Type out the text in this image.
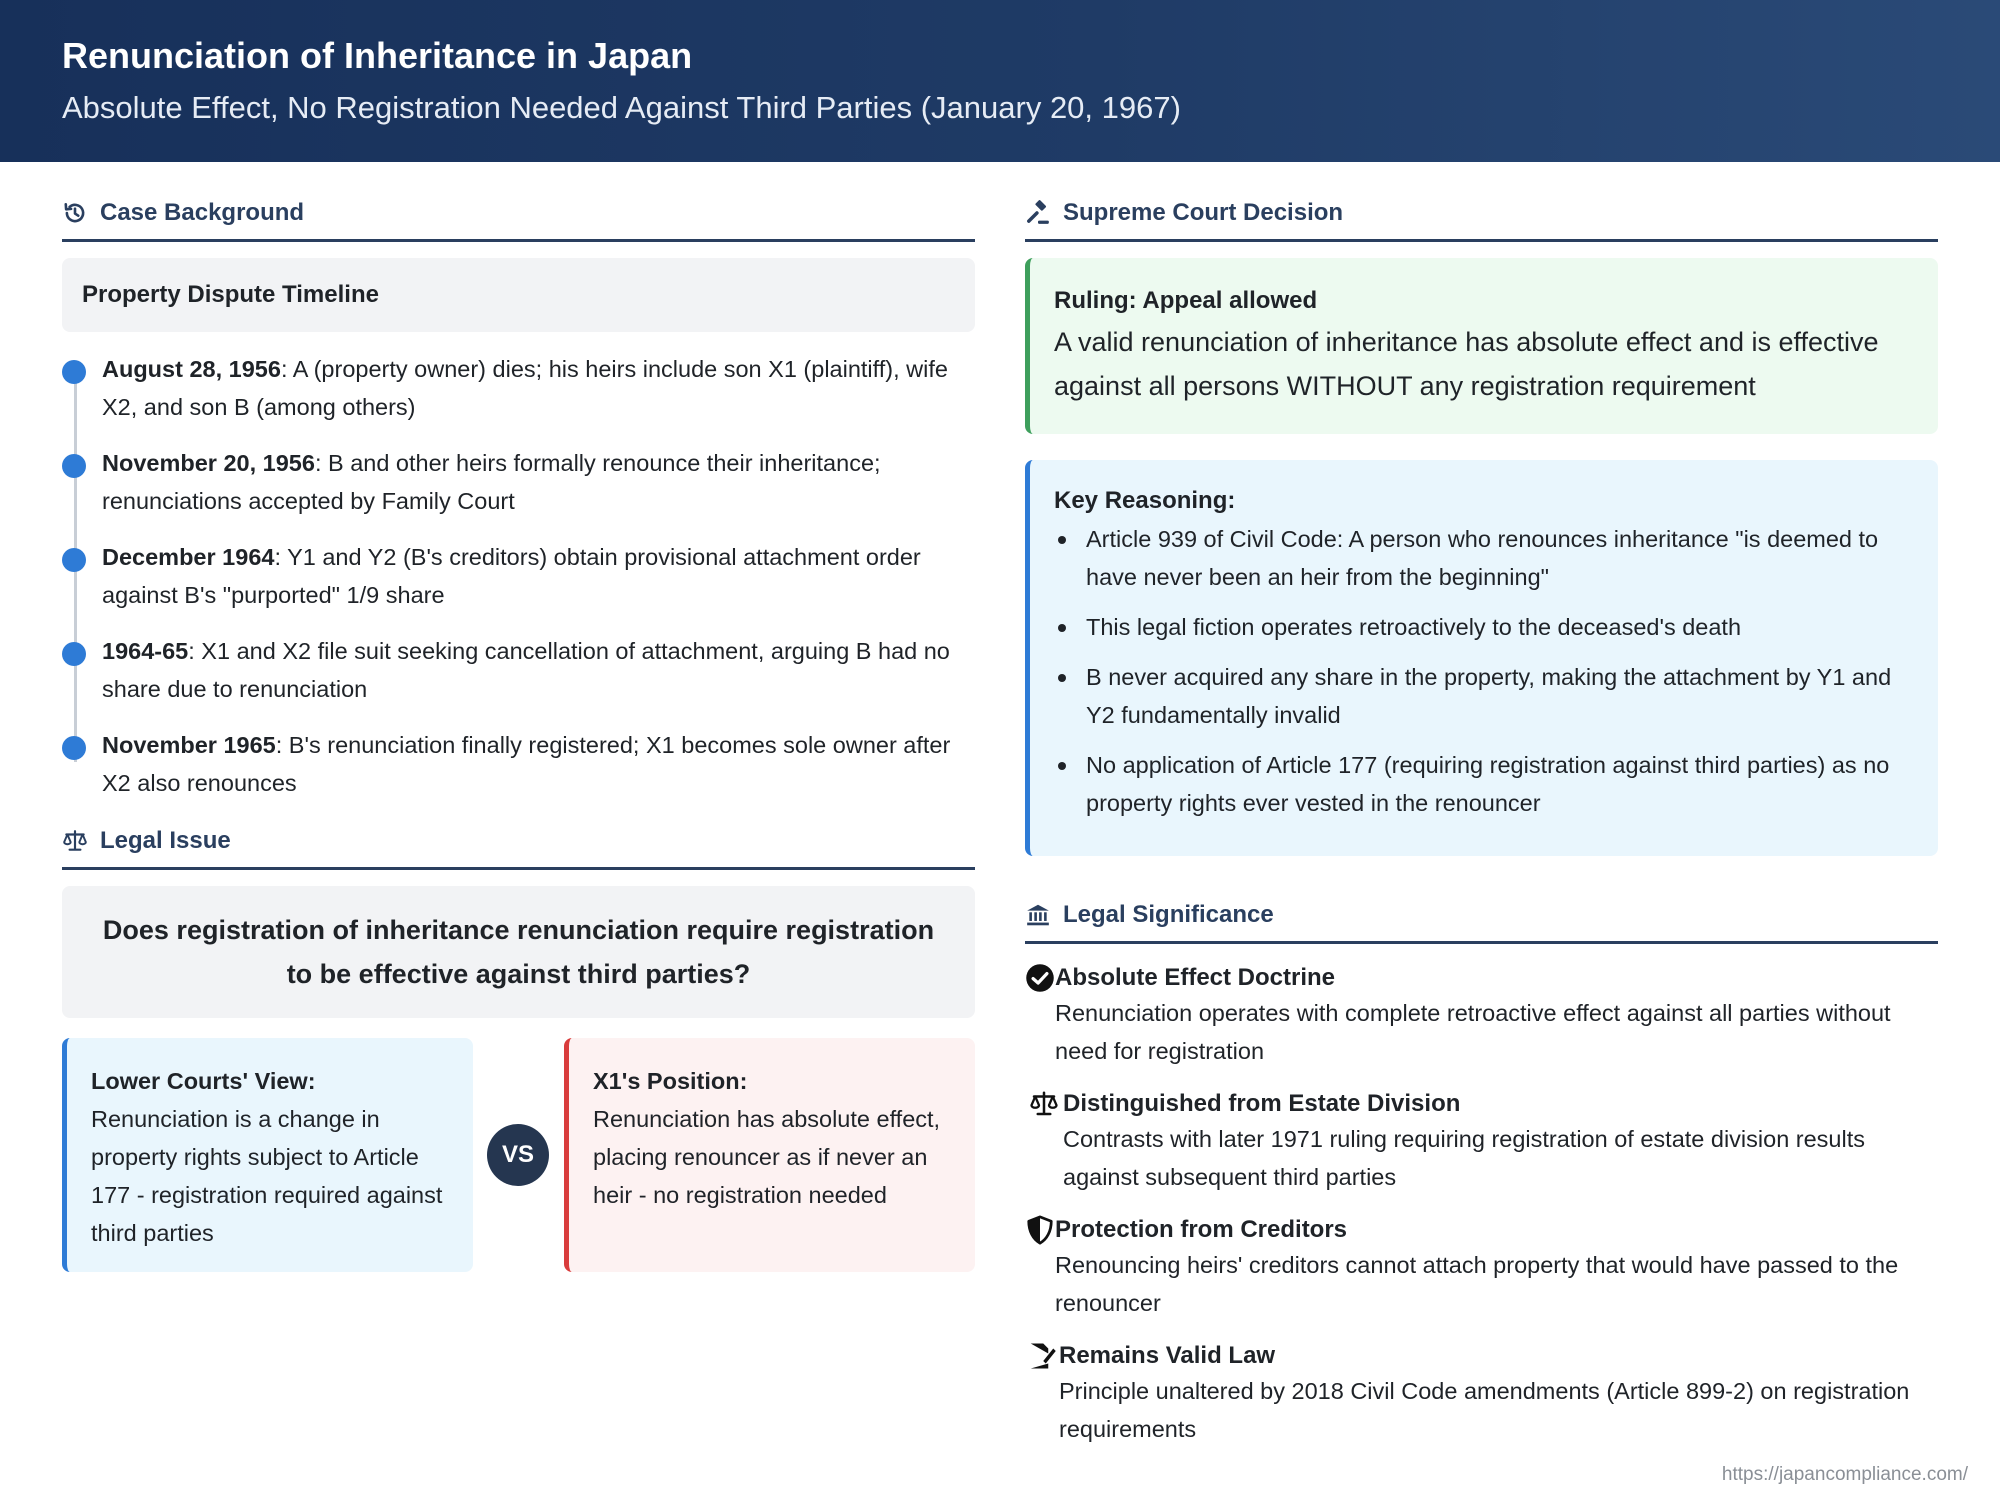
Renunciation of Inheritance in Japan
Absolute Effect, No Registration Needed Against Third Parties (January 20, 1967)
Case Background
Property Dispute Timeline
August 28, 1956: A (property owner) dies; his heirs include son X1 (plaintiff), wife X2, and son B (among others)
November 20, 1956: B and other heirs formally renounce their inheritance; renunciations accepted by Family Court
December 1964: Y1 and Y2 (B's creditors) obtain provisional attachment order against B's "purported" 1/9 share
1964-65: X1 and X2 file suit seeking cancellation of attachment, arguing B had no share due to renunciation
November 1965: B's renunciation finally registered; X1 becomes sole owner after X2 also renounces
Legal Issue
Does registration of inheritance renunciation require registration to be effective against third parties?
Lower Courts' View:
Renunciation is a change in property rights subject to Article 177 - registration required against third parties
VS
X1's Position:
Renunciation has absolute effect, placing renouncer as if never an heir - no registration needed
Supreme Court Decision
Ruling: Appeal allowed
A valid renunciation of inheritance has absolute effect and is effective against all persons WITHOUT any registration requirement
Key Reasoning:
Article 939 of Civil Code: A person who renounces inheritance "is deemed to have never been an heir from the beginning"
This legal fiction operates retroactively to the deceased's death
B never acquired any share in the property, making the attachment by Y1 and Y2 fundamentally invalid
No application of Article 177 (requiring registration against third parties) as no property rights ever vested in the renouncer
Legal Significance
Absolute Effect Doctrine
Renunciation operates with complete retroactive effect against all parties without need for registration
Distinguished from Estate Division
Contrasts with later 1971 ruling requiring registration of estate division results against subsequent third parties
Protection from Creditors
Renouncing heirs' creditors cannot attach property that would have passed to the renouncer
Remains Valid Law
Principle unaltered by 2018 Civil Code amendments (Article 899-2) on registration requirements
https://japancompliance.com/
